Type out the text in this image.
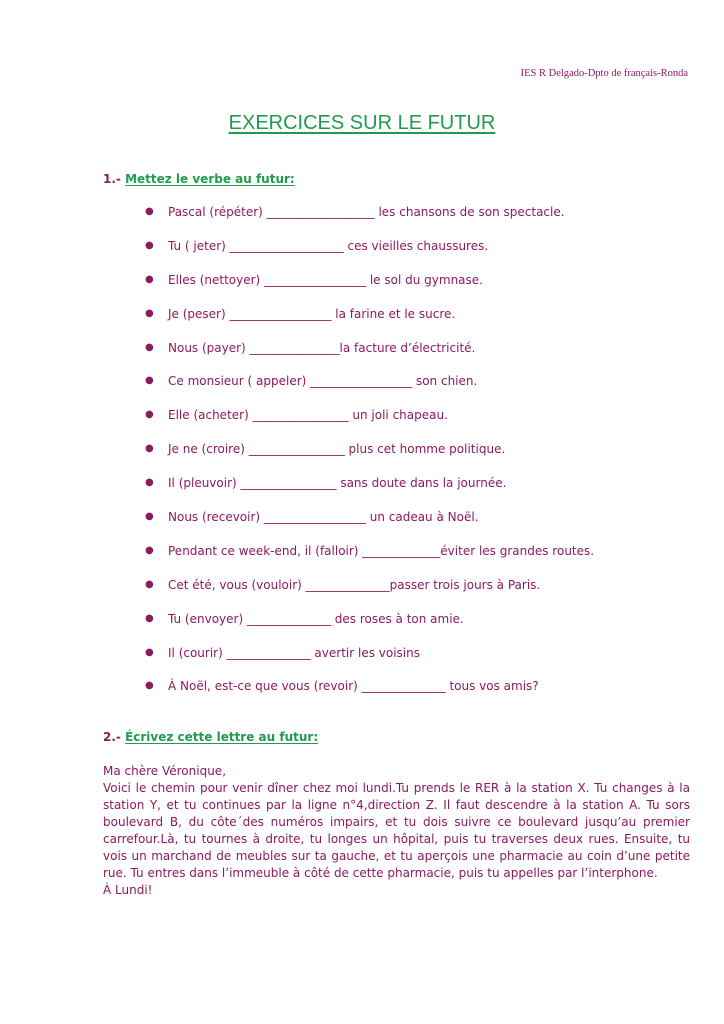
IES R Delgado-Dpto de français-Ronda
EXERCICES SUR LE FUTUR
1.- Mettez le verbe au futur:
● Pascal (répéter) __________________ les chansons de son spectacle.
● Tu ( jeter) ___________________ ces vieilles chaussures.
● Elles (nettoyer) _________________ le sol du gymnase.
● Je (peser) _________________ la farine et le sucre.
● Nous (payer) _______________la facture d’électricité.
● Ce monsieur ( appeler) _________________ son chien.
● Elle (acheter) ________________ un joli chapeau.
● Je ne (croire) ________________ plus cet homme politique.
● Il (pleuvoir) ________________ sans doute dans la journée.
● Nous (recevoir) _________________ un cadeau à Noël.
● Pendant ce week-end, il (falloir) _____________éviter les grandes routes.
● Cet été, vous (vouloir) ______________passer trois jours à Paris.
● Tu (envoyer) ______________ des roses à ton amie.
● Il (courir) ______________ avertir les voisins
● À Noël, est-ce que vous (revoir) ______________ tous vos amis?
2.- Écrivez cette lettre au futur:

Ma chère Véronique,

Voici le chemin pour venir dîner chez moi lundi.Tu prends le RER à la station X. Tu changes à la station Y, et tu continues par la ligne n°4,direction Z. Il faut descendre à la station A. Tu sors boulevard B, du côte´des numéros impairs, et tu dois suivre ce boulevard jusqu’au premier carrefour.Là, tu tournes à droite, tu longes un hôpital, puis tu traverses deux rues. Ensuite, tu vois un marchand de meubles sur ta gauche, et tu aperçois une pharmacie au coin d’une petite rue. Tu entres dans l’immeuble à côté de cette pharmacie, puis tu appelles par l’interphone.

À Lundi!
